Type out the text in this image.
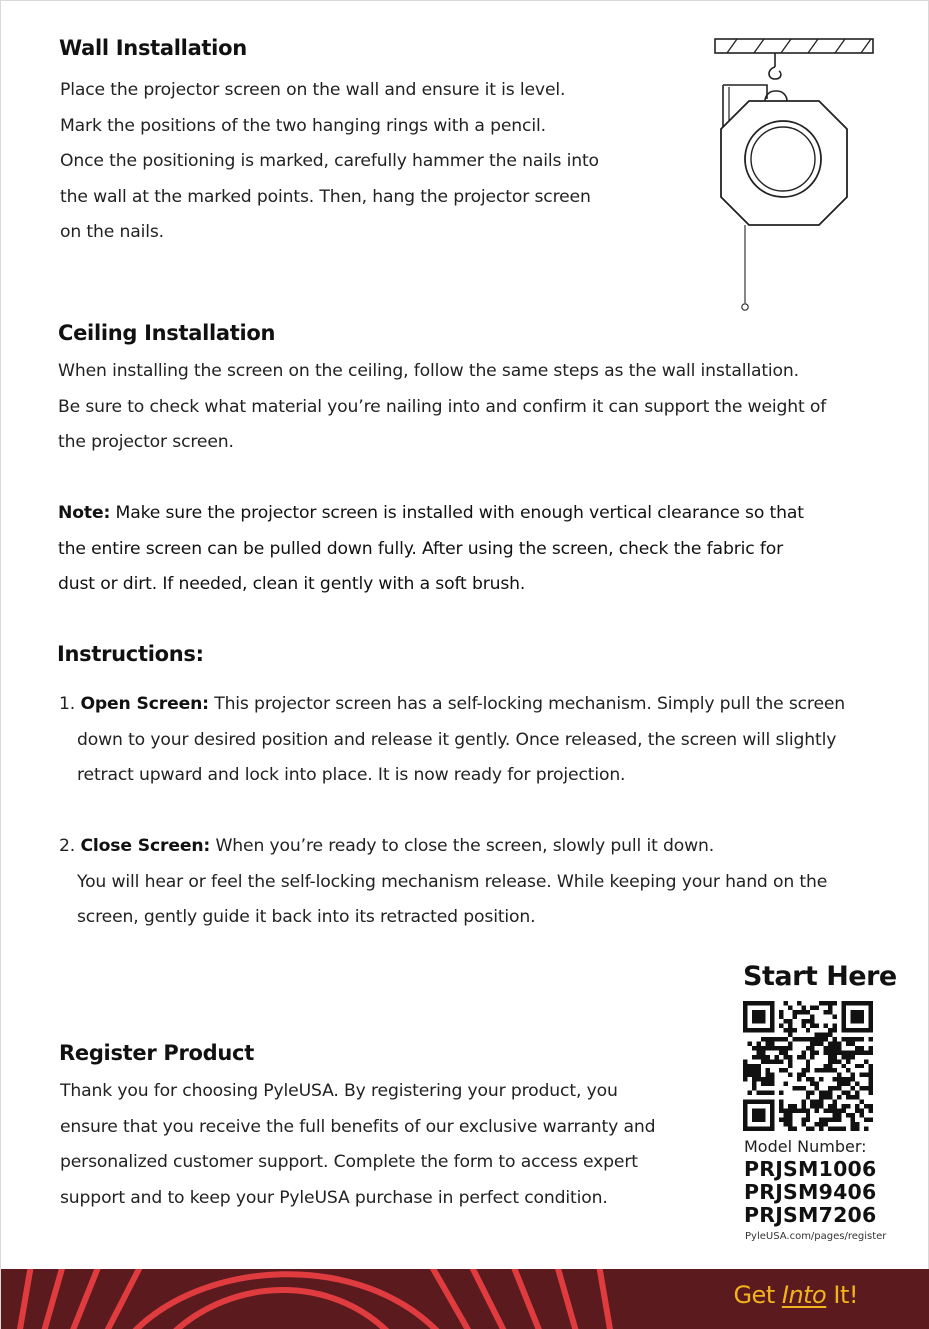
Wall Installation
Place the projector screen on the wall and ensure it is level.
Mark the positions of the two hanging rings with a pencil.
Once the positioning is marked, carefully hammer the nails into
the wall at the marked points. Then, hang the projector screen
on the nails.
Ceiling Installation
When installing the screen on the ceiling, follow the same steps as the wall installation.
Be sure to check what material you’re nailing into and confirm it can support the weight of
the projector screen.
Note: Make sure the projector screen is installed with enough vertical clearance so that
the entire screen can be pulled down fully. After using the screen, check the fabric for
dust or dirt. If needed, clean it gently with a soft brush.
Instructions:
1. Open Screen: This projector screen has a self-locking mechanism. Simply pull the screen
down to your desired position and release it gently. Once released, the screen will slightly
retract upward and lock into place. It is now ready for projection.
2. Close Screen: When you’re ready to close the screen, slowly pull it down.
You will hear or feel the self-locking mechanism release. While keeping your hand on the
screen, gently guide it back into its retracted position.
Register Product
Thank you for choosing PyleUSA. By registering your product, you
ensure that you receive the full benefits of our exclusive warranty and
personalized customer support. Complete the form to access expert
support and to keep your PyleUSA purchase in perfect condition.
Start Here
Model Number:
PRJSM1006
PRJSM9406
PRJSM7206
PyleUSA.com/pages/register
Get Into It!
